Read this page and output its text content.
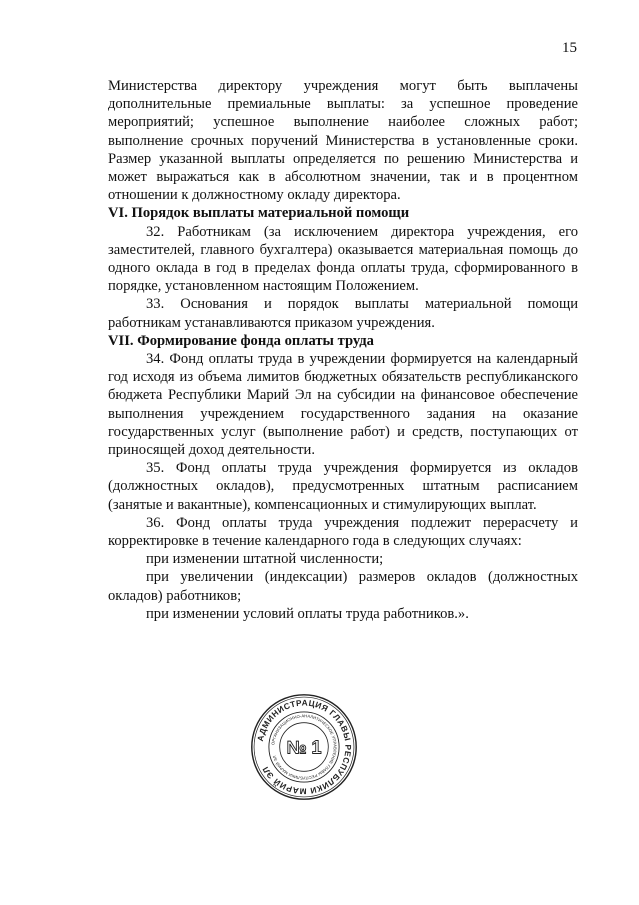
15

Министерства директору учреждения могут быть выплачены дополнительные премиальные выплаты: за успешное проведение мероприятий; успешное выполнение наиболее сложных работ; выполнение срочных поручений Министерства в установленные сроки. Размер указанной выплаты определяется по решению Министерства и может выражаться как в абсолютном значении, так и в процентном отношении к должностному окладу директора.

VI. Порядок выплаты материальной помощи

32. Работникам (за исключением директора учреждения, его заместителей, главного бухгалтера) оказывается материальная помощь до одного оклада в год в пределах фонда оплаты труда, сформированного в порядке, установленном настоящим Положением.

33. Основания и порядок выплаты материальной помощи работникам устанавливаются приказом учреждения.

VII. Формирование фонда оплаты труда

34. Фонд оплаты труда в учреждении формируется на календарный год исходя из объема лимитов бюджетных обязательств республиканского бюджета Республики Марий Эл на субсидии на финансовое обеспечение выполнения учреждением государственного задания на оказание государственных услуг (выполнение работ) и средств, поступающих от приносящей доход деятельности.

35. Фонд оплаты труда учреждения формируется из окладов (должностных окладов), предусмотренных штатным расписанием (занятые и вакантные), компенсационных и стимулирующих выплат.

36. Фонд оплаты труда учреждения подлежит перерасчету и корректировке в течение календарного года в следующих случаях:

при изменении штатной численности;

при увеличении (индексации) размеров окладов (должностных окладов) работников;

при изменении условий оплаты труда работников.».

АДМИНИСТРАЦИЯ ГЛАВЫ РЕСПУБЛИКИ МАРИЙ ЭЛ
ОРГАНИЗАЦИОННО-АНАЛИТИЧЕСКОЕ УПРАВЛЕНИЕ ГЛАВЫ РЕСПУБЛИКИ МАРИЙ ЭЛ № 1
